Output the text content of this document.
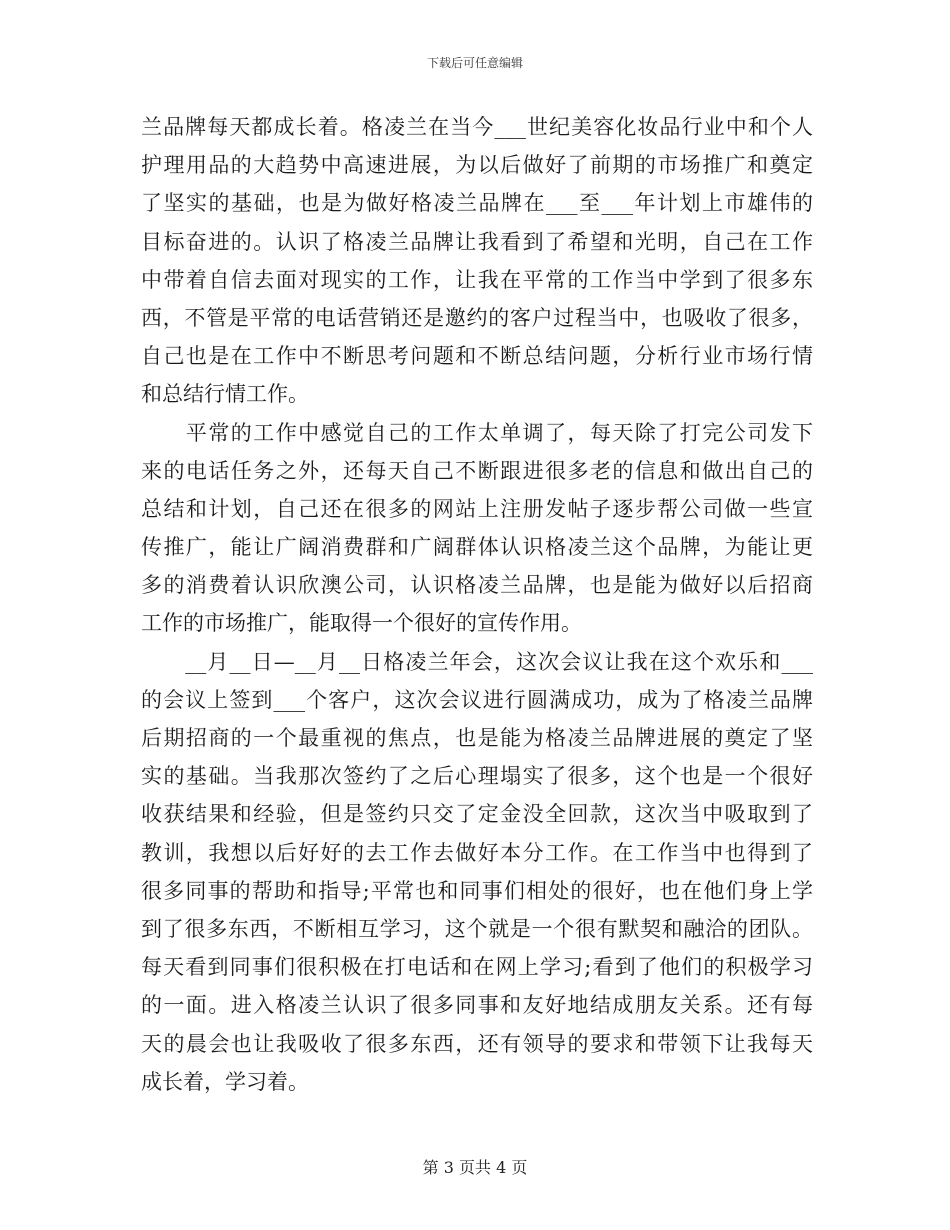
下载后可任意编辑
兰品牌每天都成长着。格凌兰在当今___世纪美容化妆品行业中和个人
护理用品的大趋势中高速进展，为以后做好了前期的市场推广和奠定
了坚实的基础，也是为做好格凌兰品牌在___至___年计划上市雄伟的
目标奋进的。认识了格凌兰品牌让我看到了希望和光明，自己在工作
中带着自信去面对现实的工作，让我在平常的工作当中学到了很多东
西，不管是平常的电话营销还是邀约的客户过程当中，也吸收了很多，
自己也是在工作中不断思考问题和不断总结问题，分析行业市场行情
和总结行情工作。
　　平常的工作中感觉自己的工作太单调了，每天除了打完公司发下
来的电话任务之外，还每天自己不断跟进很多老的信息和做出自己的
总结和计划，自己还在很多的网站上注册发帖子逐步帮公司做一些宣
传推广，能让广阔消费群和广阔群体认识格凌兰这个品牌，为能让更
多的消费着认识欣澳公司，认识格凌兰品牌，也是能为做好以后招商
工作的市场推广，能取得一个很好的宣传作用。
　　__月__日—__月__日格凌兰年会，这次会议让我在这个欢乐和___
的会议上签到___个客户，这次会议进行圆满成功，成为了格凌兰品牌
后期招商的一个最重视的焦点，也是能为格凌兰品牌进展的奠定了坚
实的基础。当我那次签约了之后心理塌实了很多，这个也是一个很好
收获结果和经验，但是签约只交了定金没全回款，这次当中吸取到了
教训，我想以后好好的去工作去做好本分工作。在工作当中也得到了
很多同事的帮助和指导;平常也和同事们相处的很好，也在他们身上学
到了很多东西，不断相互学习，这个就是一个很有默契和融洽的团队。
每天看到同事们很积极在打电话和在网上学习;看到了他们的积极学习
的一面。进入格凌兰认识了很多同事和友好地结成朋友关系。还有每
天的晨会也让我吸收了很多东西，还有领导的要求和带领下让我每天
成长着，学习着。
第 3 页共 4 页
